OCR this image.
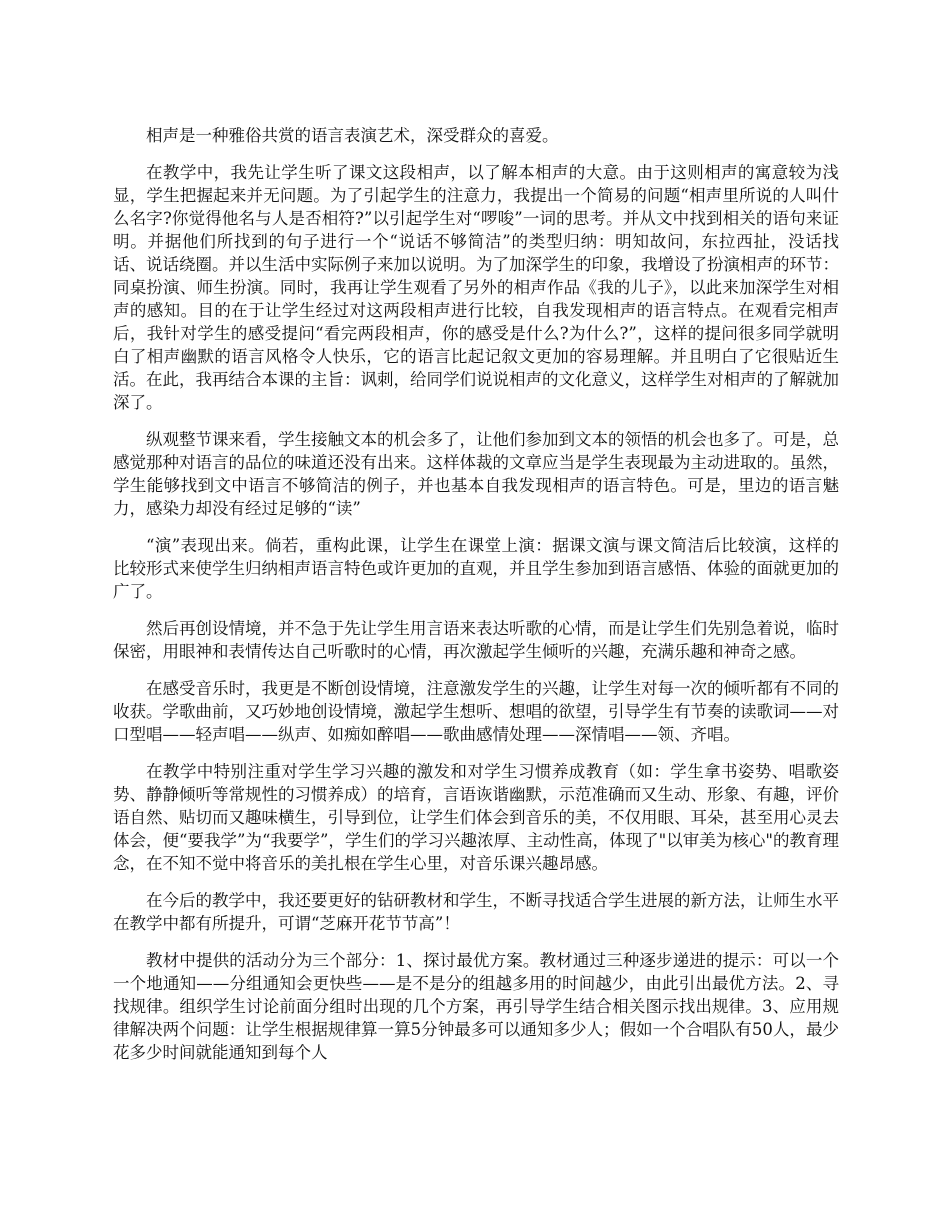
相声是一种雅俗共赏的语言表演艺术，深受群众的喜爱。

在教学中，我先让学生听了课文这段相声，以了解本相声的大意。由于这则相声的寓意较为浅显，学生把握起来并无问题。为了引起学生的注意力，我提出一个简易的问题“相声里所说的人叫什么名字?你觉得他名与人是否相符?”以引起学生对“啰唆”一词的思考。并从文中找到相关的语句来证明。并据他们所找到的句子进行一个“说话不够简洁”的类型归纳：明知故问，东拉西扯，没话找话、说话绕圈。并以生活中实际例子来加以说明。为了加深学生的印象，我增设了扮演相声的环节：同桌扮演、师生扮演。同时，我再让学生观看了另外的相声作品《我的儿子》，以此来加深学生对相声的感知。目的在于让学生经过对这两段相声进行比较，自我发现相声的语言特点。在观看完相声后，我针对学生的感受提问“看完两段相声，你的感受是什么?为什么?”，这样的提问很多同学就明白了相声幽默的语言风格令人快乐，它的语言比起记叙文更加的容易理解。并且明白了它很贴近生活。在此，我再结合本课的主旨：讽刺，给同学们说说相声的文化意义，这样学生对相声的了解就加深了。

纵观整节课来看，学生接触文本的机会多了，让他们参加到文本的领悟的机会也多了。可是，总感觉那种对语言的品位的味道还没有出来。这样体裁的文章应当是学生表现最为主动进取的。虽然，学生能够找到文中语言不够简洁的例子，并也基本自我发现相声的语言特色。可是，里边的语言魅力，感染力却没有经过足够的“读”

“演”表现出来。倘若，重构此课，让学生在课堂上演：据课文演与课文简洁后比较演，这样的比较形式来使学生归纳相声语言特色或许更加的直观，并且学生参加到语言感悟、体验的面就更加的广了。

然后再创设情境，并不急于先让学生用言语来表达听歌的心情，而是让学生们先别急着说，临时保密，用眼神和表情传达自己听歌时的心情，再次激起学生倾听的兴趣，充满乐趣和神奇之感。

在感受音乐时，我更是不断创设情境，注意激发学生的兴趣，让学生对每一次的倾听都有不同的收获。学歌曲前，又巧妙地创设情境，激起学生想听、想唱的欲望，引导学生有节奏的读歌词——对口型唱——轻声唱——纵声、如痴如醉唱——歌曲感情处理——深情唱——领、齐唱。

在教学中特别注重对学生学习兴趣的激发和对学生习惯养成教育（如：学生拿书姿势、唱歌姿势、静静倾听等常规性的习惯养成）的培育，言语诙谐幽默，示范准确而又生动、形象、有趣，评价语自然、贴切而又趣味横生，引导到位，让学生们体会到音乐的美，不仅用眼、耳朵，甚至用心灵去体会，便“要我学”为“我要学”，学生们的学习兴趣浓厚、主动性高，体现了"以审美为核心"的教育理念，在不知不觉中将音乐的美扎根在学生心里，对音乐课兴趣昂感。

在今后的教学中，我还要更好的钻研教材和学生，不断寻找适合学生进展的新方法，让师生水平在教学中都有所提升，可谓“芝麻开花节节高”！

教材中提供的活动分为三个部分：1、探讨最优方案。教材通过三种逐步递进的提示：可以一个一个地通知——分组通知会更快些——是不是分的组越多用的时间越少，由此引出最优方法。2、寻找规律。组织学生讨论前面分组时出现的几个方案，再引导学生结合相关图示找出规律。3、应用规律解决两个问题：让学生根据规律算一算5分钟最多可以通知多少人；假如一个合唱队有50人，最少花多少时间就能通知到每个人
